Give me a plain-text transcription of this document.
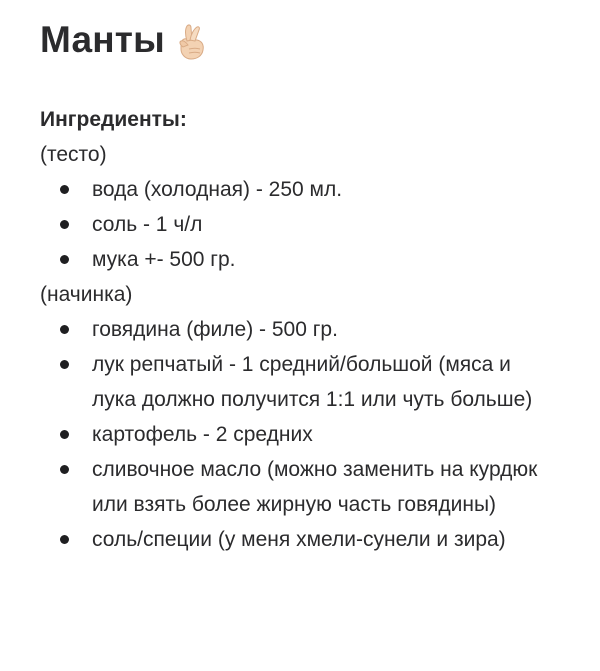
Манты
Ингредиенты:
(тесто)
вода (холодная) - 250 мл.
соль - 1 ч/л
мука +- 500 гр.
(начинка)
говядина (филе) - 500 гр.
лук репчатый - 1 средний/большой (мяса и лука должно получится 1:1 или чуть больше)
картофель - 2 средних
сливочное масло (можно заменить на курдюк или взять более жирную часть говядины)
соль/специи (у меня хмели-сунели и зира)
